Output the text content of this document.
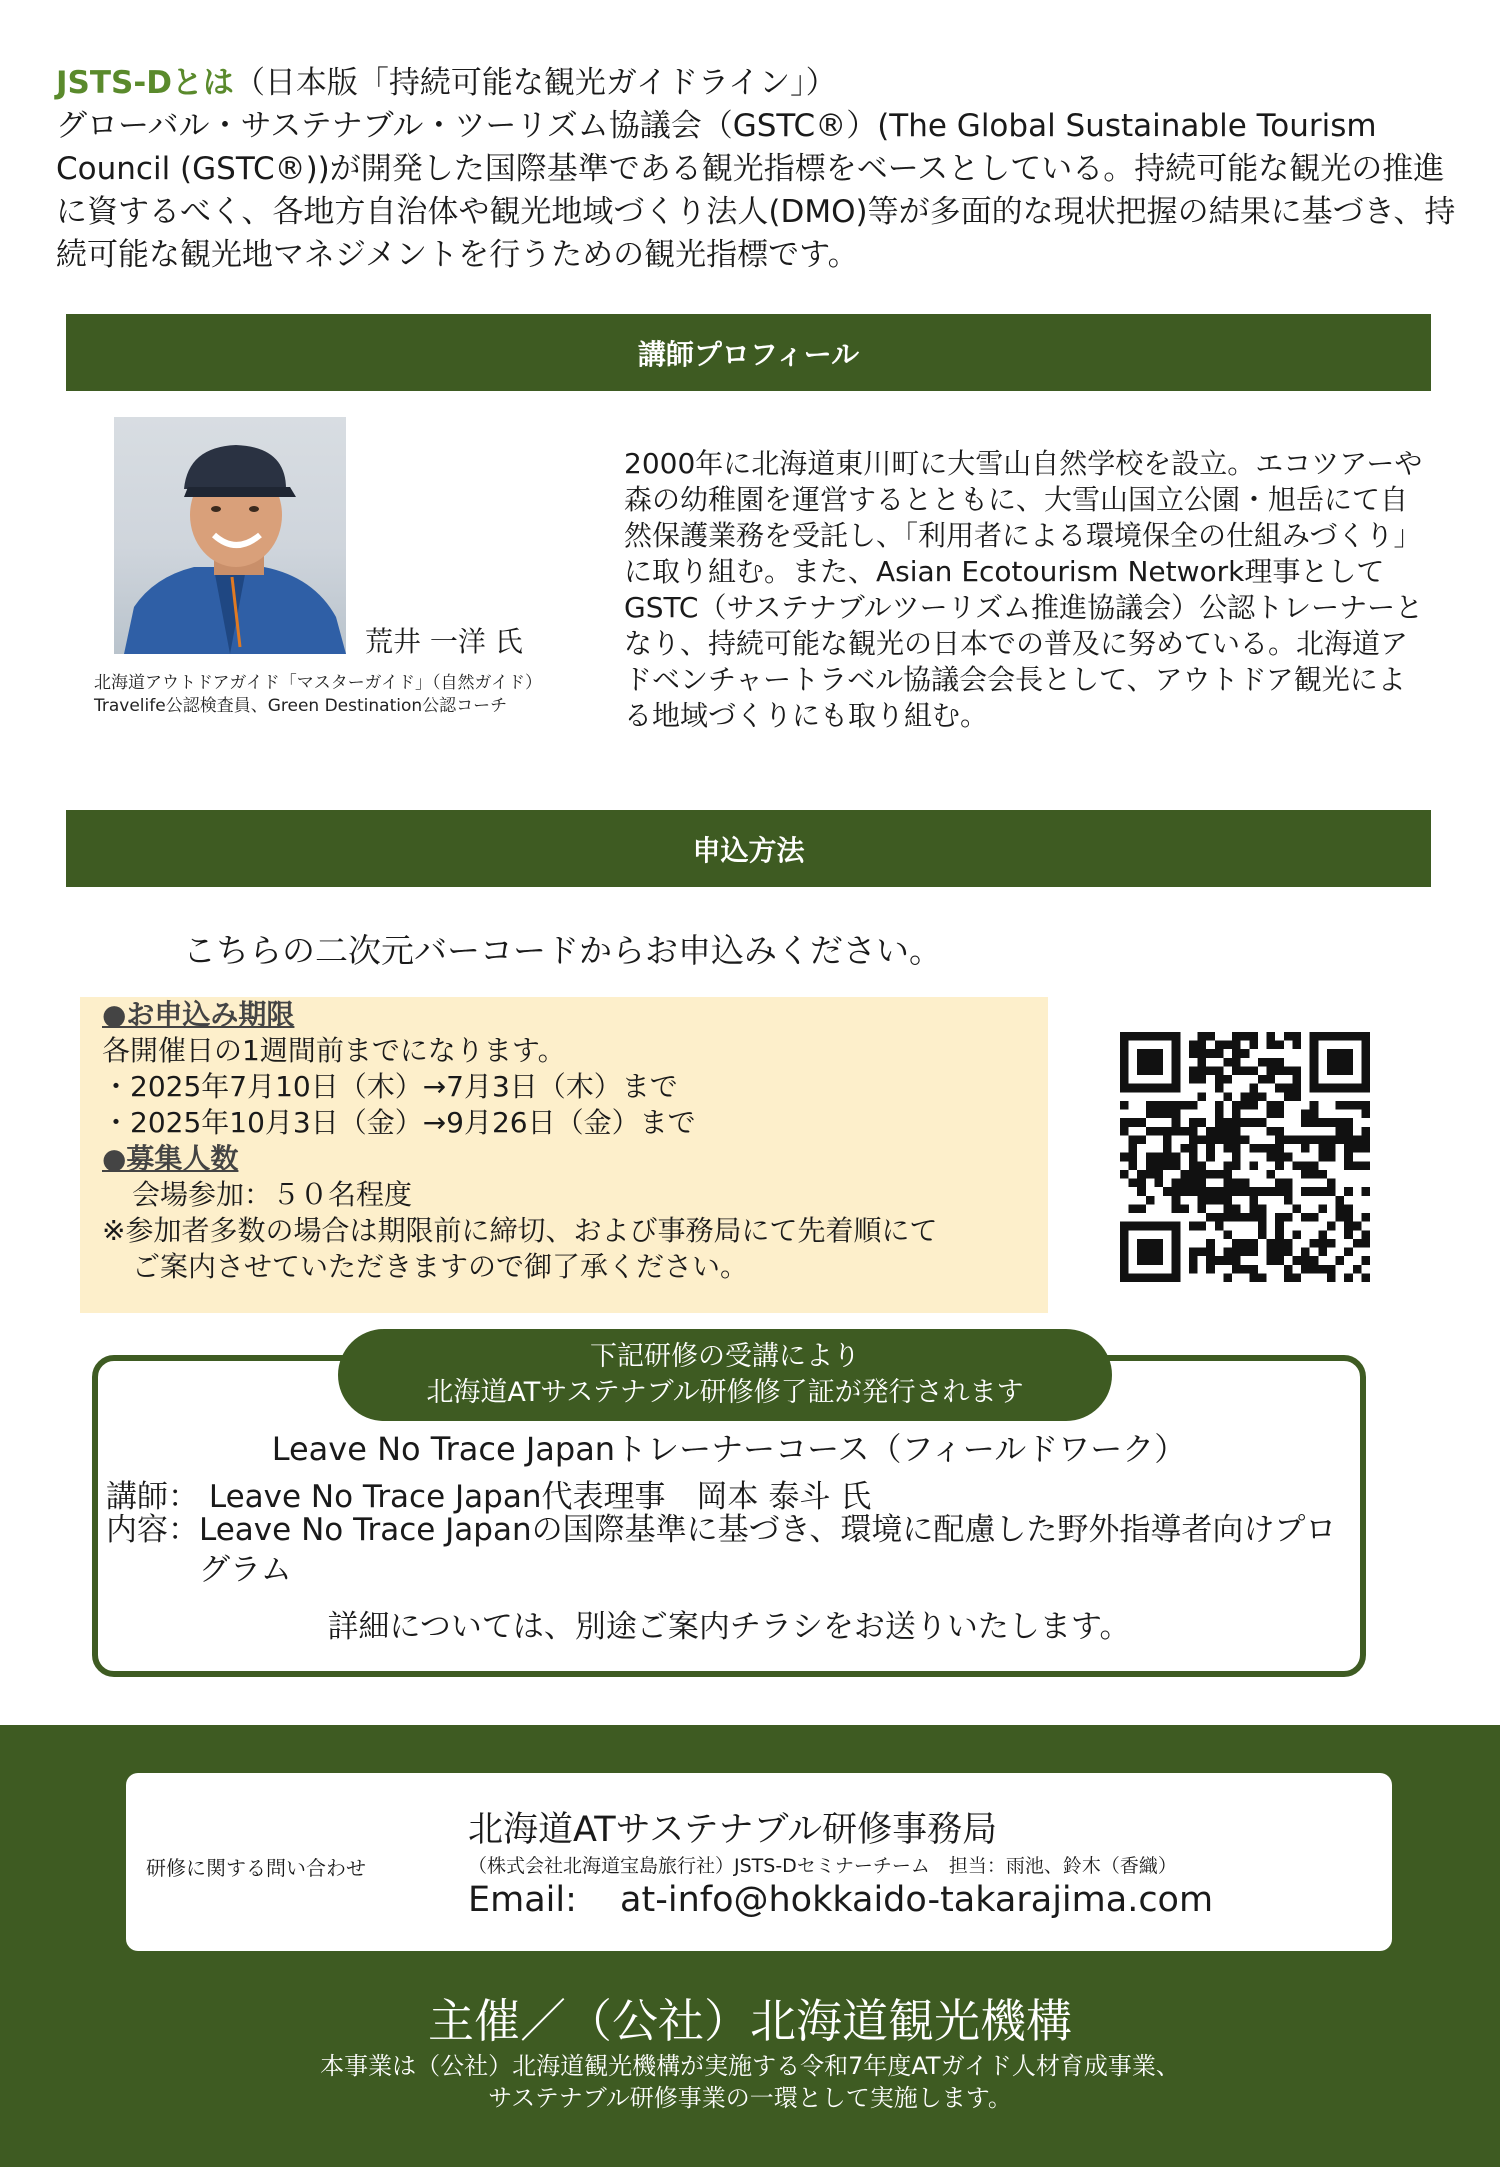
JSTS-Dとは（日本版「持続可能な観光ガイドライン」）

グローバル・サステナブル・ツーリズム協議会（GSTC®）(The Global Sustainable Tourism Council (GSTC®))が開発した国際基準である観光指標をベースとしている。持続可能な観光の推進に資するべく、各地方自治体や観光地域づくり法人(DMO)等が多面的な現状把握の結果に基づき、持続可能な観光地マネジメントを行うための観光指標です。

講師プロフィール
荒井 一洋 氏
北海道アウトドアガイド「マスターガイド」（自然ガイド）
Travelife公認検査員、Green Destination公認コーチ

2000年に北海道東川町に大雪山自然学校を設立。エコツアーや森の幼稚園を運営するとともに、大雪山国立公園・旭岳にて自然保護業務を受託し、「利用者による環境保全の仕組みづくり」に取り組む。また、Asian Ecotourism Network理事としてGSTC（サステナブルツーリズム推進協議会）公認トレーナーとなり、持続可能な観光の日本での普及に努めている。北海道アドベンチャートラベル協議会会長として、アウトドア観光による地域づくりにも取り組む。

申込方法
こちらの二次元バーコードからお申込みください。
●お申込み期限
各開催日の1週間前までになります。
・2025年7月10日（木）→7月3日（木）まで
・2025年10月3日（金）→9月26日（金）まで
●募集人数
会場参加：５０名程度
※参加者多数の場合は期限前に締切、および事務局にて先着順にて
ご案内させていただきますので御了承ください。
下記研修の受講により
北海道ATサステナブル研修修了証が発行されます
Leave No Trace Japanトレーナーコース（フィールドワーク）
講師： Leave No Trace Japan代表理事　岡本 泰斗 氏
内容： Leave No Trace Japanの国際基準に基づき、環境に配慮した野外指導者向けプログラム
詳細については、別途ご案内チラシをお送りいたします。
研修に関する問い合わせ
北海道ATサステナブル研修事務局
（株式会社北海道宝島旅行社）JSTS-Dセミナーチーム　担当：雨池、鈴木（香織）
Email: at-info@hokkaido-takarajima.com
主催／（公社）北海道観光機構
本事業は（公社）北海道観光機構が実施する令和7年度ATガイド人材育成事業、
サステナブル研修事業の一環として実施します。
